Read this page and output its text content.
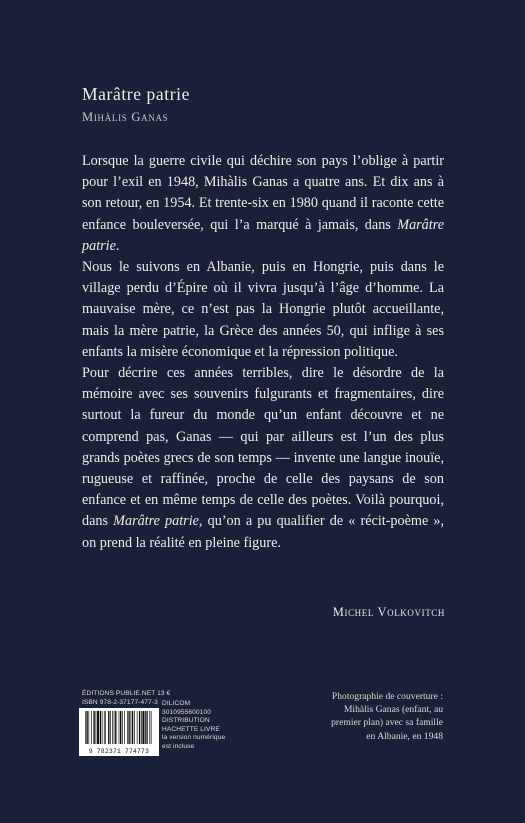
Marâtre patrie
Mihàlis Ganas

Lorsque la guerre civile qui déchire son pays l’oblige à partir pour l’exil en 1948, Mihàlis Ganas a quatre ans. Et dix ans à son retour, en 1954. Et trente-six en 1980 quand il raconte cette enfance bouleversée, qui l’a marqué à jamais, dans Marâtre patrie.

Nous le suivons en Albanie, puis en Hongrie, puis dans le village perdu d’Épire où il vivra jusqu’à l’âge d’homme. La mauvaise mère, ce n’est pas la Hongrie plutôt accueillante, mais la mère patrie, la Grèce des années 50, qui inflige à ses enfants la misère économique et la répression politique.

Pour décrire ces années terribles, dire le désordre de la mémoire avec ses souvenirs fulgurants et fragmentaires, dire surtout la fureur du monde qu’un enfant découvre et ne comprend pas, Ganas — qui par ailleurs est l’un des plus grands poètes grecs de son temps — invente une langue inouïe, rugueuse et raffinée, proche de celle des paysans de son enfance et en même temps de celle des poètes. Voilà pourquoi, dans Marâtre patrie, qu’on a pu qualifier de « récit-poème », on prend la réalité en pleine figure.

Michel Volkovitch
ÉDITIONS PUBLIE.NET 13 €
ISBN 978-2-37177-477-3 DILICOM
3010955600100
DISTRIBUTION
HACHETTE LIVRE
la version numérique
est incluse
9 782371 774773
Photographie de couverture :
Mihàlis Ganas (enfant, au
premier plan) avec sa famille
en Albanie, en 1948
